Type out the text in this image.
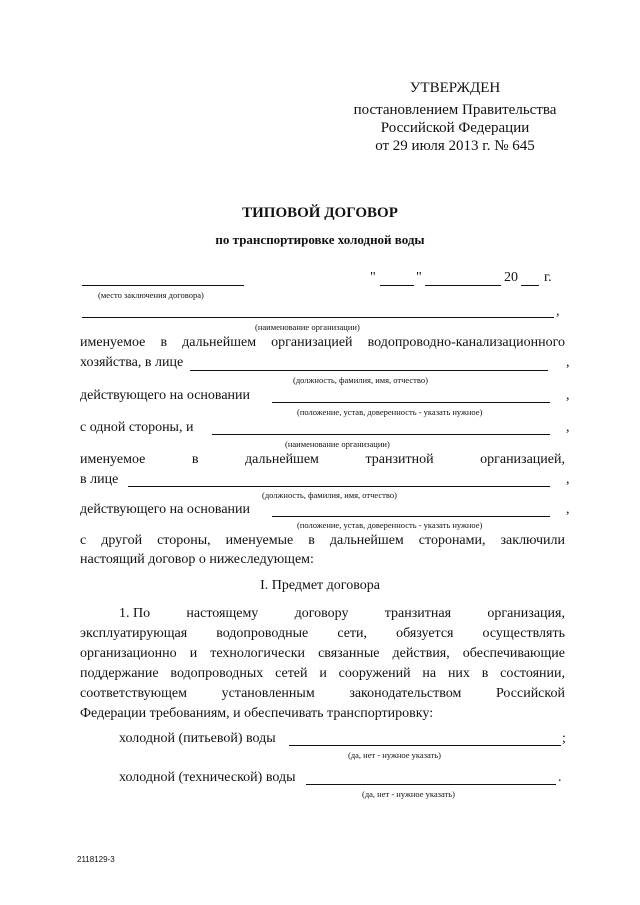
УТВЕРЖДЕН
постановлением Правительства
Российской Федерации
от 29 июля 2013 г. № 645
ТИПОВОЙ ДОГОВОР
по транспортировке холодной воды
"	"	20 г.
(место заключения договора)
,
(наименование организации)
именуемое в дальнейшем организацией водопроводно-канализационного
хозяйства, в лице	,
(должность, фамилия, имя, отчество)
действующего на основании	,
(положение, устав, доверенность - указать нужное)
с одной стороны, и	,
(наименование организации)
именуемое	в	дальнейшем	транзитной	организацией,
в лице	,
(должность, фамилия, имя, отчество)
действующего на основании	,
(положение, устав, доверенность - указать нужное)
с другой стороны, именуемые в дальнейшем сторонами, заключили
настоящий договор о нижеследующем:
I. Предмет договора
1. По	настоящему	договору	транзитная	организация,
эксплуатирующая водопроводные сети, обязуется осуществлять
организационно и технологически связанные действия, обеспечивающие
поддержание водопроводных сетей и сооружений на них в состоянии,
соответствующем установленным законодательством Российской
Федерации требованиям, и обеспечивать транспортировку:
холодной (питьевой) воды	;
(да, нет - нужное указать)
холодной (технической) воды	.
(да, нет - нужное указать)
2118129-3
